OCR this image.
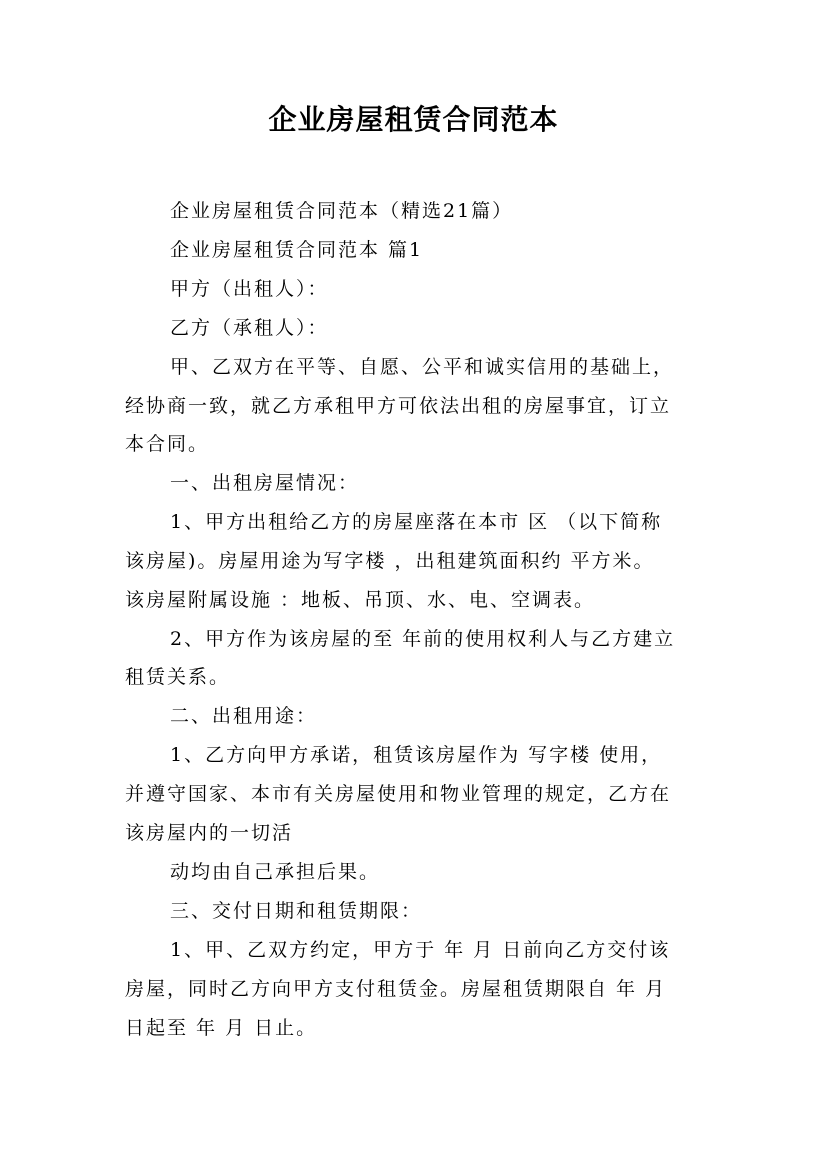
企业房屋租赁合同范本
企业房屋租赁合同范本（精选21篇）
企业房屋租赁合同范本 篇1
甲方（出租人）：
乙方（承租人）：
甲、乙双方在平等、自愿、公平和诚实信用的基础上，
经协商一致，就乙方承租甲方可依法出租的房屋事宜，订立
本合同。
一、出租房屋情况：
1、甲方出租给乙方的房屋座落在本市 区 （以下简称
该房屋)。房屋用途为写字楼 ，出租建筑面积约 平方米。
该房屋附属设施 ：地板、吊顶、水、电、空调表。
2、甲方作为该房屋的至 年前的使用权利人与乙方建立
租赁关系。
二、出租用途：
1、乙方向甲方承诺，租赁该房屋作为 写字楼 使用，
并遵守国家、本市有关房屋使用和物业管理的规定，乙方在
该房屋内的一切活
动均由自己承担后果。
三、交付日期和租赁期限：
1、甲、乙双方约定，甲方于 年 月 日前向乙方交付该
房屋，同时乙方向甲方支付租赁金。房屋租赁期限自 年 月
日起至 年 月 日止。
